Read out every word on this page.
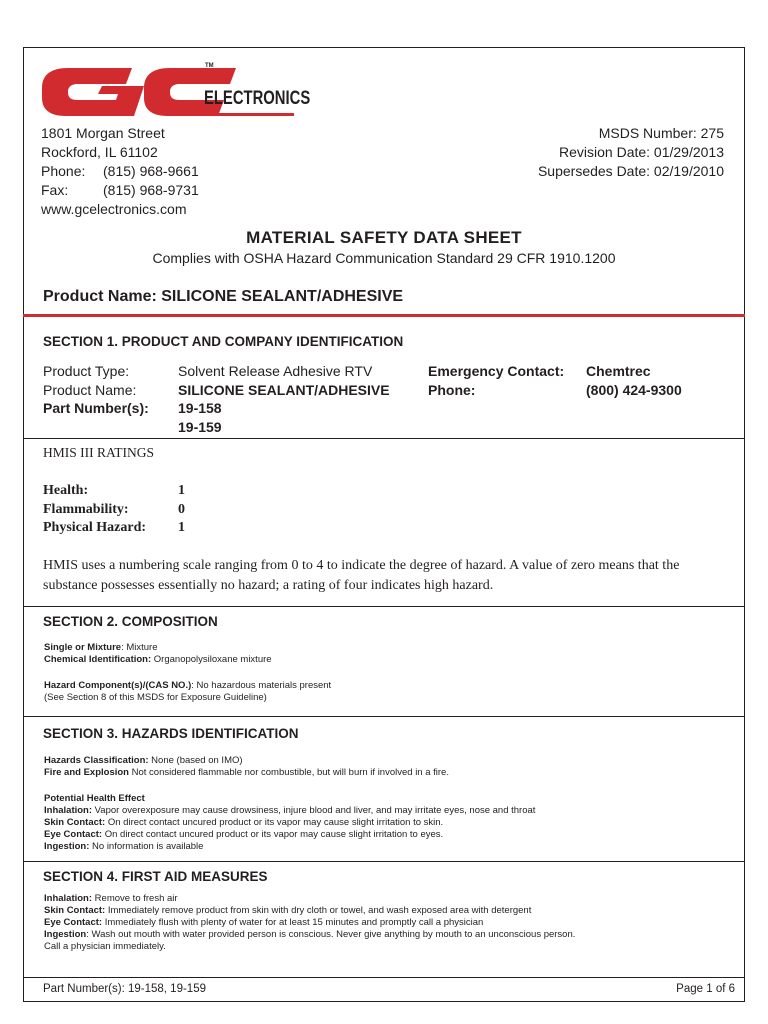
TM
ELECTRONICS
1801 Morgan Street
Rockford, IL 61102
Phone: (815) 968-9661
Fax: (815) 968-9731
www.gcelectronics.com
MSDS Number: 275
Revision Date: 01/29/2013
Supersedes Date: 02/19/2010
MATERIAL SAFETY DATA SHEET
Complies with OSHA Hazard Communication Standard 29 CFR 1910.1200
Product Name: SILICONE SEALANT/ADHESIVE
SECTION 1. PRODUCT AND COMPANY IDENTIFICATION
Product Type:
Product Name:
Part Number(s):
Solvent Release Adhesive RTV
SILICONE SEALANT/ADHESIVE
19-158
19-159
Emergency Contact:
Phone:
Chemtrec
(800) 424-9300
HMIS III RATINGS
Health:
Flammability:
Physical Hazard:
1
0
1
HMIS uses a numbering scale ranging from 0 to 4 to indicate the degree of hazard. A value of zero means that the
substance possesses essentially no hazard; a rating of four indicates high hazard.
SECTION 2. COMPOSITION
Single or Mixture: Mixture
Chemical Identification: Organopolysiloxane mixture
Hazard Component(s)/(CAS NO.): No hazardous materials present
(See Section 8 of this MSDS for Exposure Guideline)
SECTION 3. HAZARDS IDENTIFICATION
Hazards Classification: None (based on IMO)
Fire and Explosion Not considered flammable nor combustible, but will burn if involved in a fire.
Potential Health Effect
Inhalation: Vapor overexposure may cause drowsiness, injure blood and liver, and may irritate eyes, nose and throat
Skin Contact: On direct contact uncured product or its vapor may cause slight irritation to skin.
Eye Contact: On direct contact uncured product or its vapor may cause slight irritation to eyes.
Ingestion: No information is available
SECTION 4. FIRST AID MEASURES
Inhalation: Remove to fresh air
Skin Contact: Immediately remove product from skin with dry cloth or towel, and wash exposed area with detergent
Eye Contact: Immediately flush with plenty of water for at least 15 minutes and promptly call a physician
Ingestion: Wash out mouth with water provided person is conscious. Never give anything by mouth to an unconscious person.
Call a physician immediately.
Part Number(s): 19-158, 19-159	Page 1 of 6
